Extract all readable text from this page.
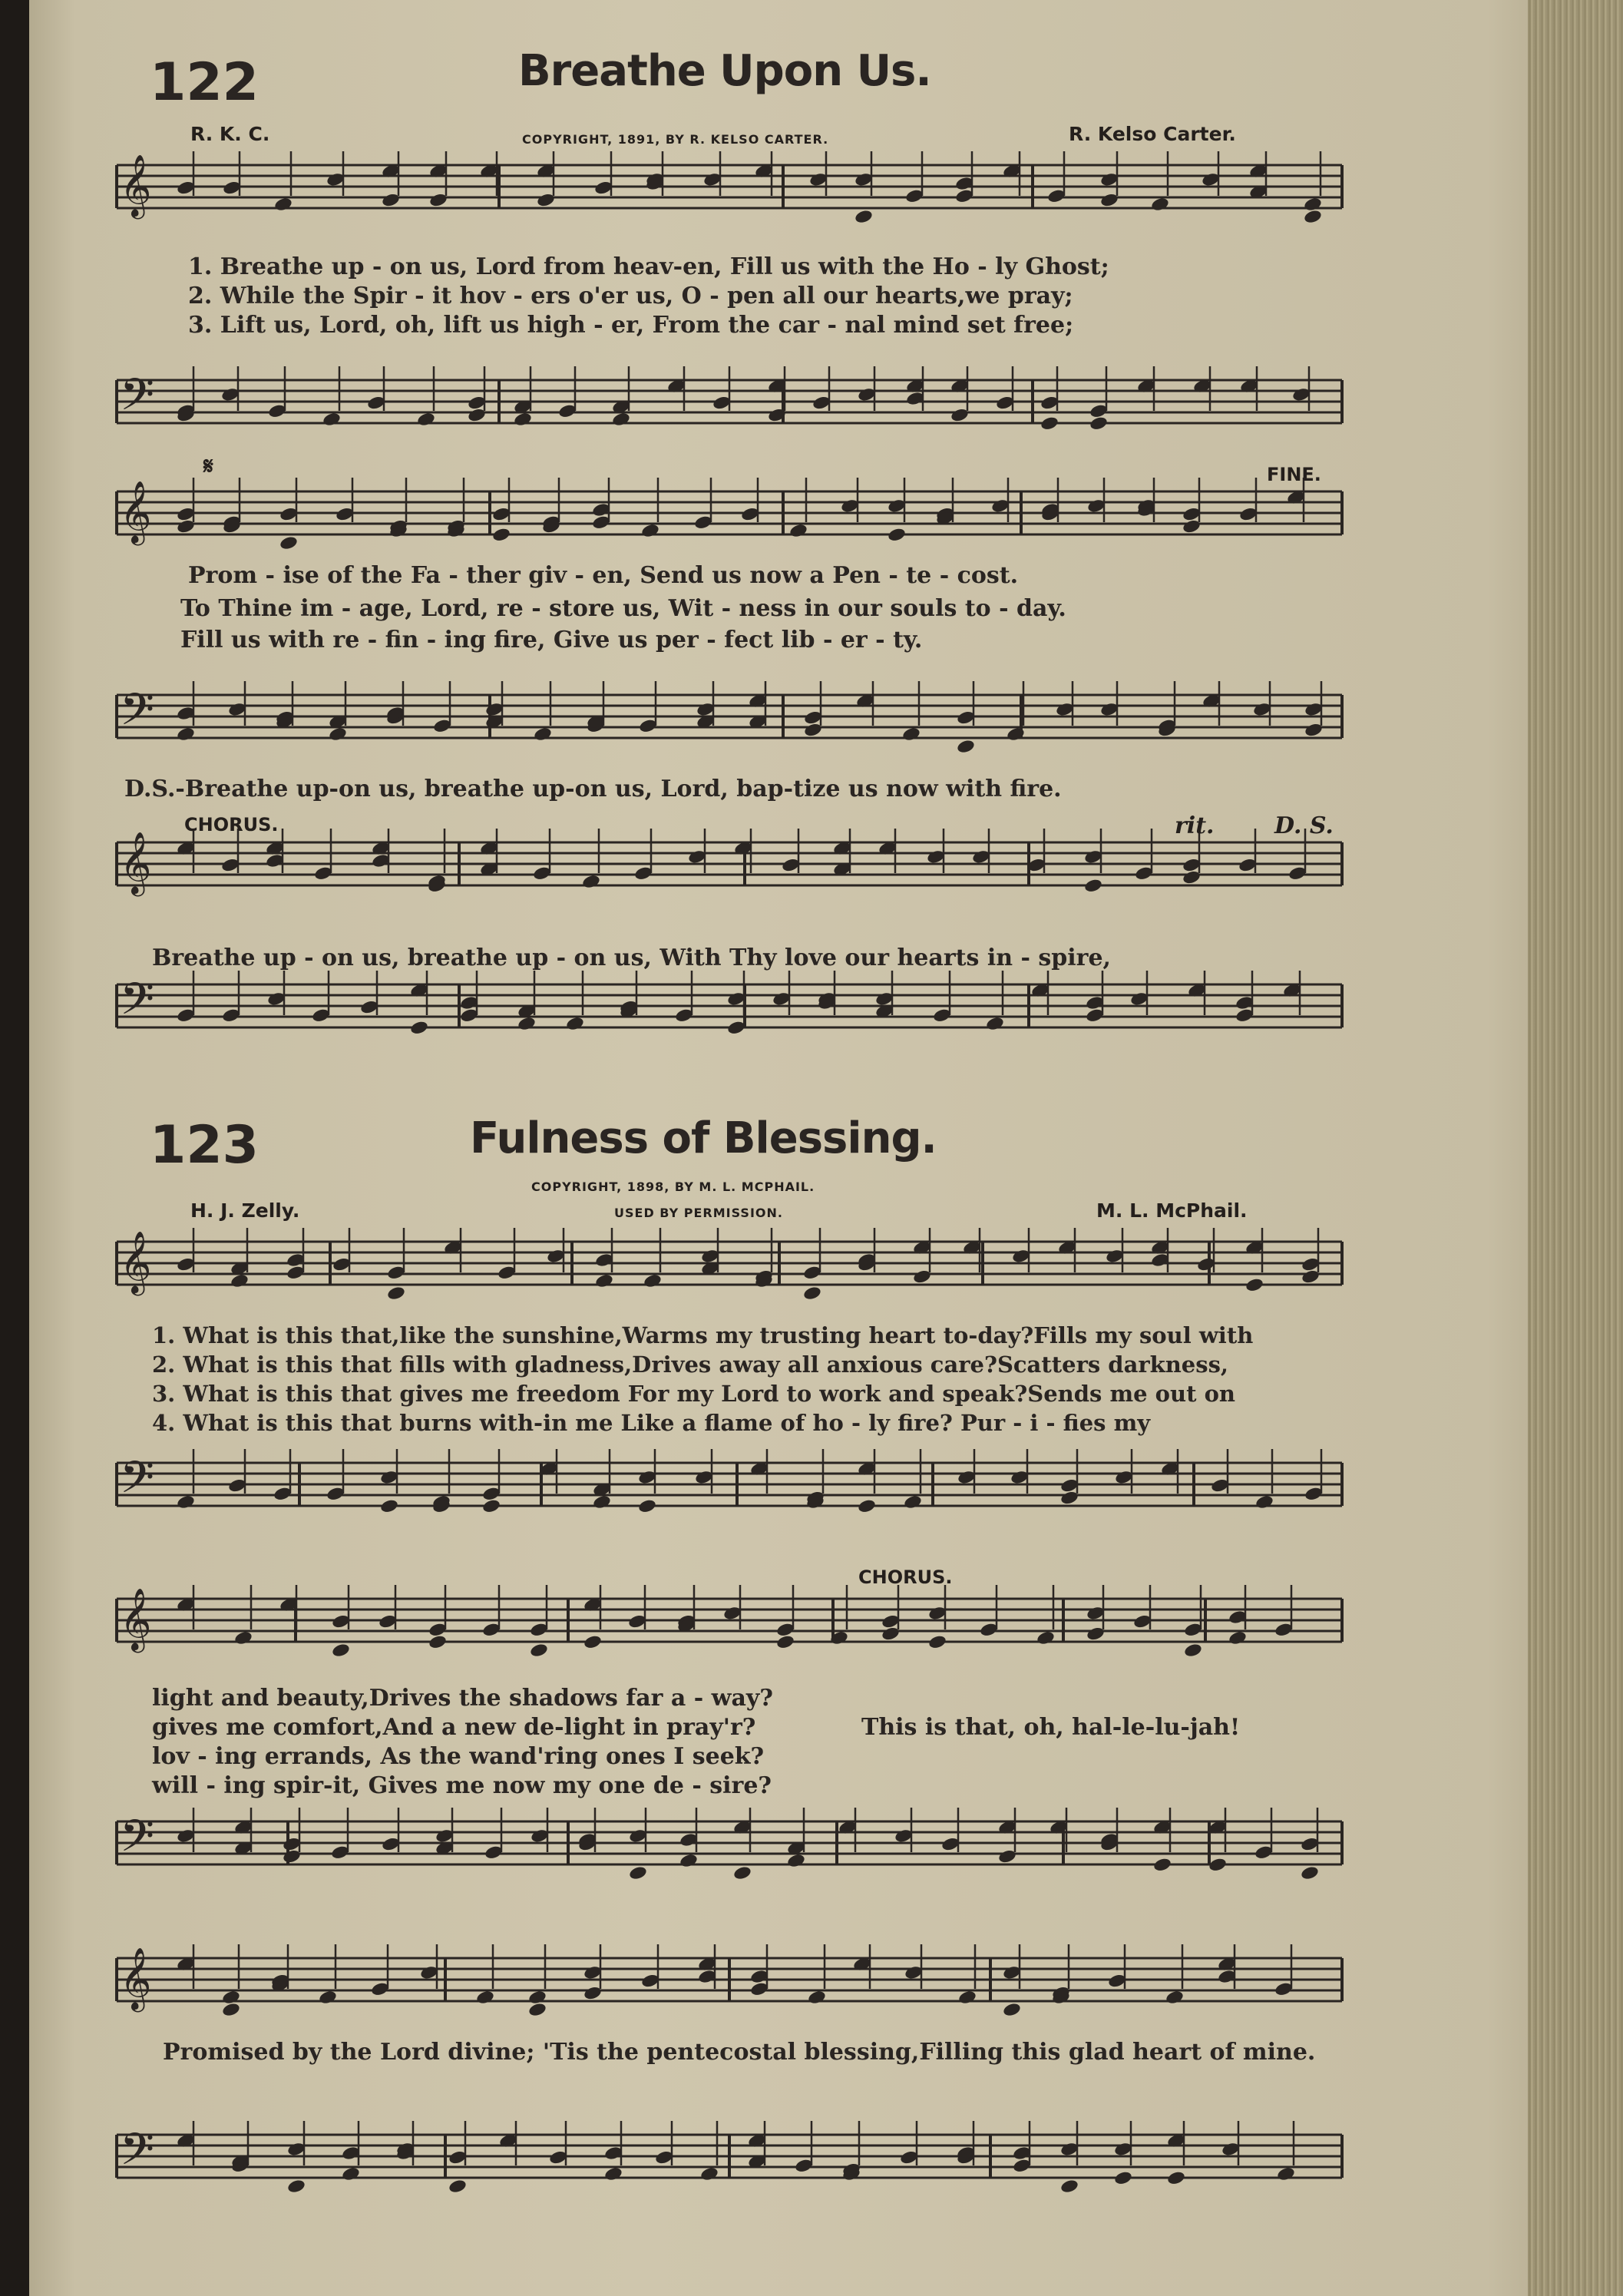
𝄞
𝄢
𝄞
𝄢
𝄞
𝄢
𝄞
𝄢
𝄞
𝄢
𝄞
𝄢
122	Breathe Upon Us.
R. K. C.	COPYRIGHT, 1891, BY R. KELSO CARTER.	R. Kelso Carter.
1. Breathe up - on us, Lord from heav-en, Fill us with the Ho - ly Ghost;
2. While the Spir - it hov - ers o'er us, O - pen all our hearts,we pray;
3. Lift us, Lord, oh, lift us high - er, From the car - nal mind set free;
𝄋	FINE.
Prom - ise of the Fa - ther giv - en, Send us now a Pen - te - cost.
To Thine im - age, Lord, re - store us, Wit - ness in our souls to - day.
Fill us with re - fin - ing fire, Give us per - fect lib - er - ty.
D.S.-Breathe up-on us, breathe up-on us, Lord, bap-tize us now with fire.
CHORUS.	rit.	D. S.
Breathe up - on us, breathe up - on us, With Thy love our hearts in - spire,
123	Fulness of Blessing.
COPYRIGHT, 1898, BY M. L. MCPHAIL.
H. J. Zelly.	USED BY PERMISSION.	M. L. McPhail.
1. What is this that,like the sunshine,Warms my trusting heart to-day?Fills my soul with
2. What is this that fills with gladness,Drives away all anxious care?Scatters darkness,
3. What is this that gives me freedom For my Lord to work and speak?Sends me out on
4. What is this that burns with-in me Like a flame of ho - ly fire? Pur - i - fies my
CHORUS.
light and beauty,Drives the shadows far a - way?
gives me comfort,And a new de-light in pray'r?
lov - ing errands, As the wand'ring ones I seek?
will - ing spir-it, Gives me now my one de - sire?
This is that, oh, hal-le-lu-jah!
Promised by the Lord divine; 'Tis the pentecostal blessing,Filling this glad heart of mine.
